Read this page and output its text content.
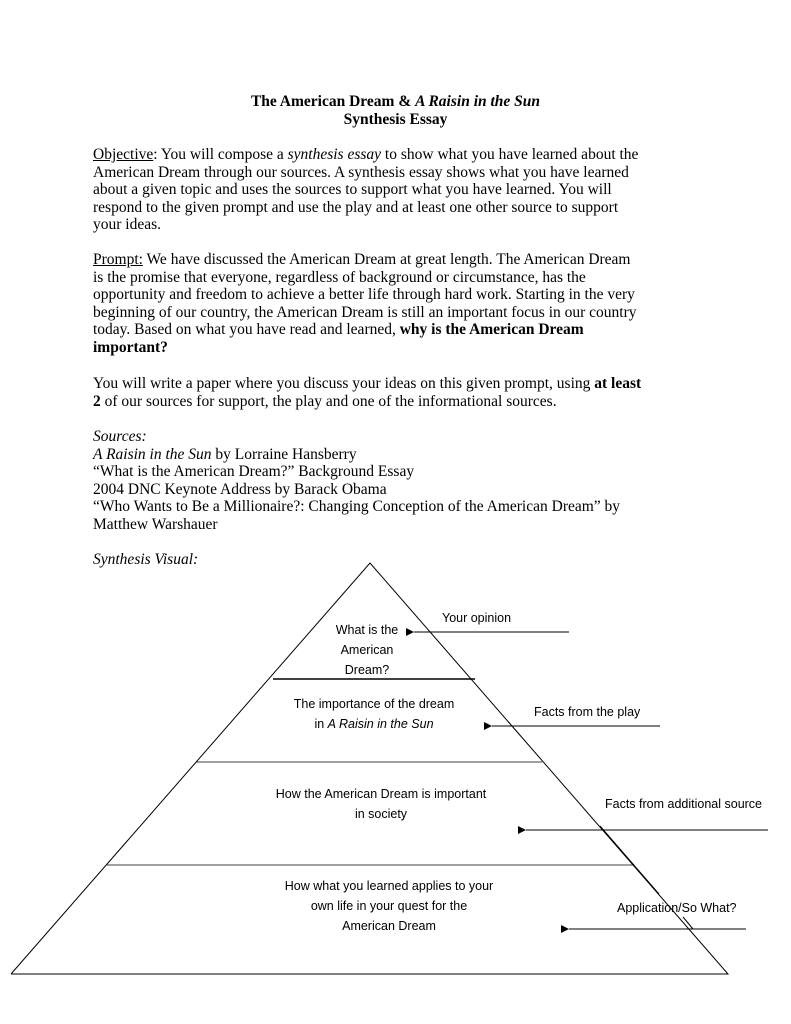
The American Dream & A Raisin in the Sun
Synthesis Essay
Objective: You will compose a synthesis essay to show what you have learned about the
American Dream through our sources. A synthesis essay shows what you have learned
about a given topic and uses the sources to support what you have learned. You will
respond to the given prompt and use the play and at least one other source to support
your ideas.
Prompt: We have discussed the American Dream at great length. The American Dream
is the promise that everyone, regardless of background or circumstance, has the
opportunity and freedom to achieve a better life through hard work. Starting in the very
beginning of our country, the American Dream is still an important focus in our country
today. Based on what you have read and learned, why is the American Dream
important?
You will write a paper where you discuss your ideas on this given prompt, using at least
2 of our sources for support, the play and one of the informational sources.
Sources:
A Raisin in the Sun by Lorraine Hansberry
“What is the American Dream?” Background Essay
2004 DNC Keynote Address by Barack Obama
“Who Wants to Be a Millionaire?: Changing Conception of the American Dream” by
Matthew Warshauer
Synthesis Visual:
What is the
American
Dream?
The importance of the dream
in A Raisin in the Sun
How the American Dream is important
in society
How what you learned applies to your
own life in your quest for the
American Dream
Your opinion
Facts from the play
Facts from additional source
Application/So What?
